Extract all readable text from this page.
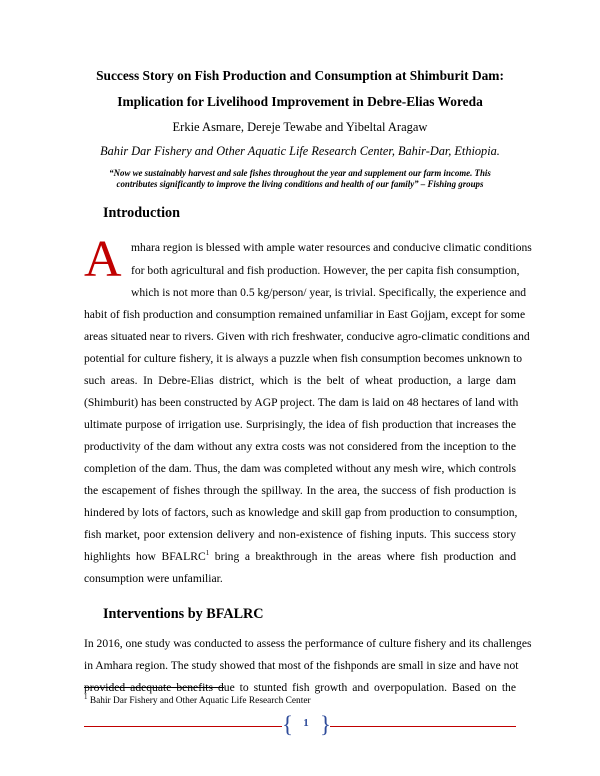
Success Story on Fish Production and Consumption at Shimburit Dam:
Implication for Livelihood Improvement in Debre-Elias Woreda
Erkie Asmare, Dereje Tewabe and Yibeltal Aragaw
Bahir Dar Fishery and Other Aquatic Life Research Center, Bahir-Dar, Ethiopia.
“Now we sustainably harvest and sale fishes throughout the year and supplement our farm income. This
contributes significantly to improve the living conditions and health of our family” – Fishing groups
Introduction
A mhara region is blessed with ample water resources and conducive climatic conditions
for both agricultural and fish production. However, the per capita fish consumption,
which is not more than 0.5 kg/person/ year, is trivial. Specifically, the experience and
habit of fish production and consumption remained unfamiliar in East Gojjam, except for some
areas situated near to rivers. Given with rich freshwater, conducive agro-climatic conditions and
potential for culture fishery, it is always a puzzle when fish consumption becomes unknown to
such areas. In Debre-Elias district, which is the belt of wheat production, a large dam
(Shimburit) has been constructed by AGP project. The dam is laid on 48 hectares of land with
ultimate purpose of irrigation use. Surprisingly, the idea of fish production that increases the
productivity of the dam without any extra costs was not considered from the inception to the
completion of the dam. Thus, the dam was completed without any mesh wire, which controls
the escapement of fishes through the spillway. In the area, the success of fish production is
hindered by lots of factors, such as knowledge and skill gap from production to consumption,
fish market, poor extension delivery and non-existence of fishing inputs. This success story
highlights how BFALRC$^1$ bring a breakthrough in the areas where fish production and
consumption were unfamiliar.
Interventions by BFALRC
In 2016, one study was conducted to assess the performance of culture fishery and its challenges
in Amhara region. The study showed that most of the fishponds are small in size and have not
provided adequate benefits due to stunted fish growth and overpopulation. Based on the
$^1$ Bahir Dar Fishery and Other Aquatic Life Research Center
{ 1 }
